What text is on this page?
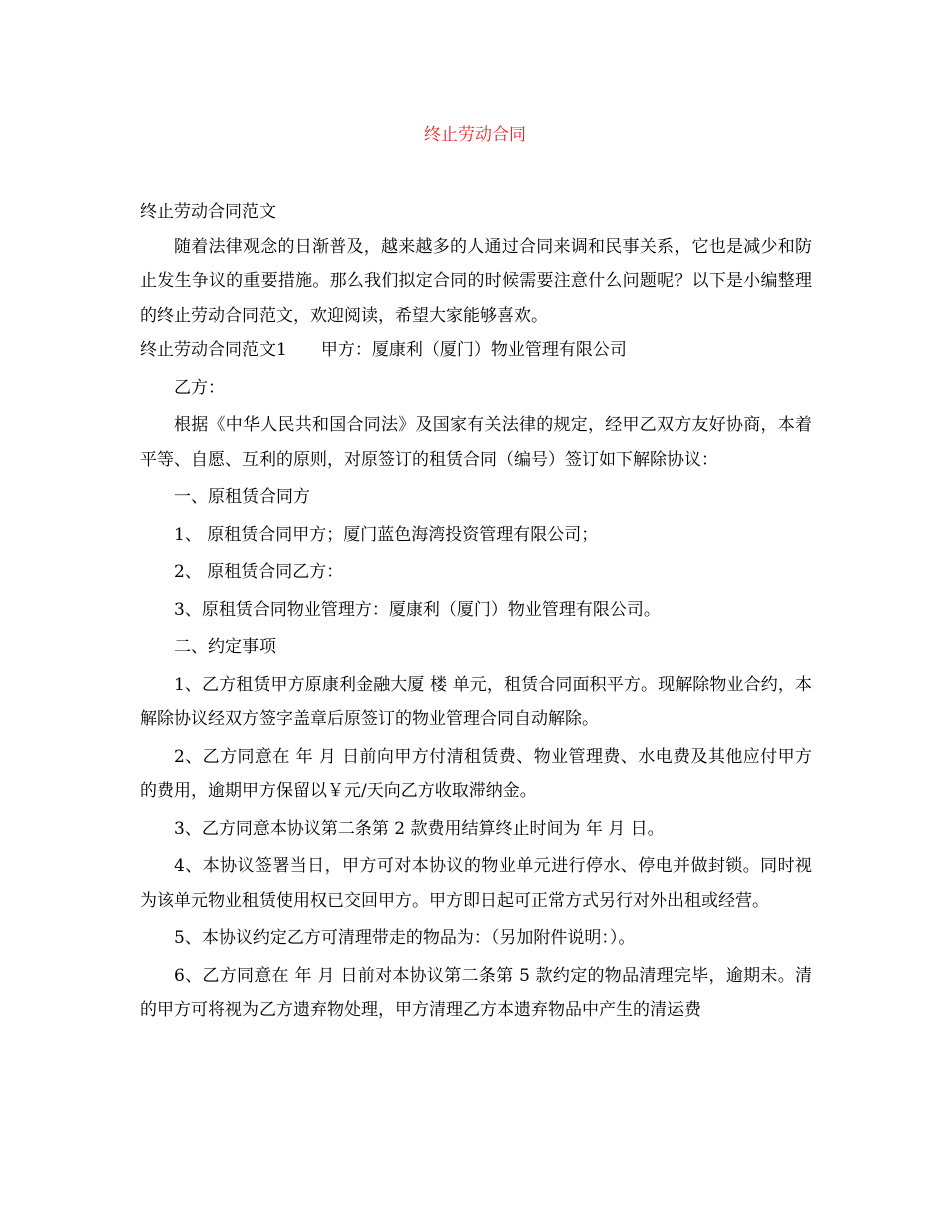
终止劳动合同

终止劳动合同范文

随着法律观念的日渐普及，越来越多的人通过合同来调和民事关系，它也是减少和防止发生争议的重要措施。那么我们拟定合同的时候需要注意什么问题呢？以下是小编整理的终止劳动合同范文，欢迎阅读，希望大家能够喜欢。

终止劳动合同范文1 甲方：厦康利（厦门）物业管理有限公司

乙方：

根据《中华人民共和国合同法》及国家有关法律的规定，经甲乙双方友好协商，本着平等、自愿、互利的原则，对原签订的租赁合同（编号）签订如下解除协议：

一、原租赁合同方

1、 原租赁合同甲方；厦门蓝色海湾投资管理有限公司；

2、 原租赁合同乙方：

3、原租赁合同物业管理方：厦康利（厦门）物业管理有限公司。

二、约定事项

1、乙方租赁甲方原康利金融大厦 楼 单元，租赁合同面积平方。现解除物业合约，本解除协议经双方签字盖章后原签订的物业管理合同自动解除。

2、乙方同意在 年 月 日前向甲方付清租赁费、物业管理费、水电费及其他应付甲方的费用，逾期甲方保留以￥元/天向乙方收取滞纳金。

3、乙方同意本协议第二条第 2 款费用结算终止时间为 年 月 日。

4、本协议签署当日，甲方可对本协议的物业单元进行停水、停电并做封锁。同时视为该单元物业租赁使用权已交回甲方。甲方即日起可正常方式另行对外出租或经营。

5、本协议约定乙方可清理带走的物品为：（另加附件说明：）。

6、乙方同意在 年 月 日前对本协议第二条第 5 款约定的物品清理完毕，逾期未。清的甲方可将视为乙方遗弃物处理，甲方清理乙方本遗弃物品中产生的清运费
